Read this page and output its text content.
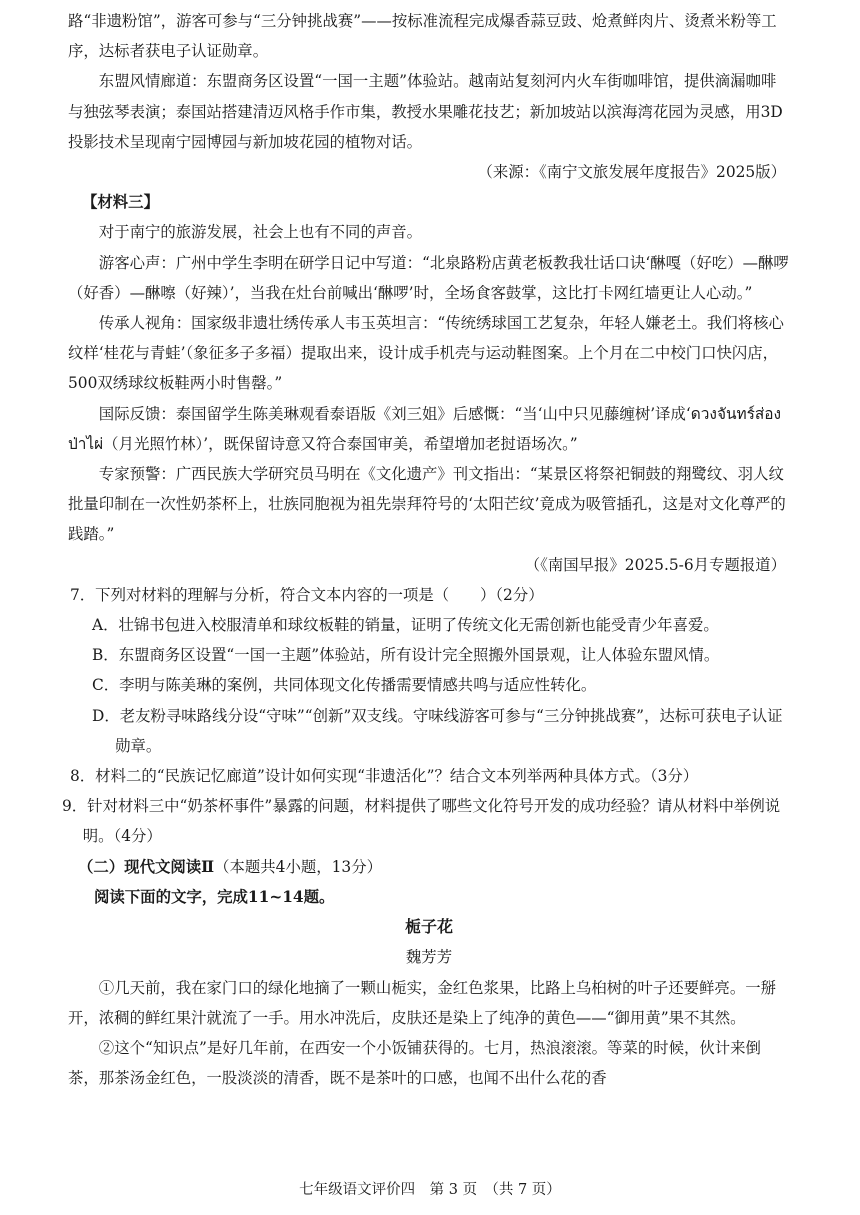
路“非遗粉馆”，游客可参与“三分钟挑战赛”——按标准流程完成爆香蒜豆豉、炝煮鲜肉片、烫煮米粉等工序，达标者获电子认证勋章。

东盟风情廊道：东盟商务区设置“一国一主题”体验站。越南站复刻河内火车街咖啡馆，提供滴漏咖啡与独弦琴表演；泰国站搭建清迈风格手作市集，教授水果雕花技艺；新加坡站以滨海湾花园为灵感，用3D投影技术呈现南宁园博园与新加坡花园的植物对话。

（来源：《南宁文旅发展年度报告》2025版）

【材料三】

对于南宁的旅游发展，社会上也有不同的声音。

游客心声：广州中学生李明在研学日记中写道：“北泉路粉店黄老板教我壮话口诀‘醂嘎（好吃）—醂啰（好香）—醂嚓（好辣）’，当我在灶台前喊出‘醂啰’时，全场食客鼓掌，这比打卡网红墙更让人心动。”

传承人视角：国家级非遗壮绣传承人韦玉英坦言：“传统绣球国工艺复杂，年轻人嫌老土。我们将核心纹样‘桂花与青蛙’（象征多子多福）提取出来，设计成手机壳与运动鞋图案。上个月在二中校门口快闪店，500双绣球纹板鞋两小时售罄。”

国际反馈：泰国留学生陈美琳观看泰语版《刘三姐》后感慨：“当‘山中只见藤缠树’译成‘ดวงจันทร์ส่องป่าไผ่（月光照竹林）’，既保留诗意又符合泰国审美，希望增加老挝语场次。”

专家预警：广西民族大学研究员马明在《文化遗产》刊文指出：“某景区将祭祀铜鼓的翔鹭纹、羽人纹批量印制在一次性奶茶杯上，壮族同胞视为祖先崇拜符号的‘太阳芒纹’竟成为吸管插孔，这是对文化尊严的践踏。”

（《南国早报》2025.5-6月专题报道）

7．下列对材料的理解与分析，符合文本内容的一项是（　　）（2分）

A．壮锦书包进入校服清单和球纹板鞋的销量，证明了传统文化无需创新也能受青少年喜爱。

B．东盟商务区设置“一国一主题”体验站，所有设计完全照搬外国景观，让人体验东盟风情。

C．李明与陈美琳的案例，共同体现文化传播需要情感共鸣与适应性转化。

D．老友粉寻味路线分设“守味”“创新”双支线。守味线游客可参与“三分钟挑战赛”，达标可获电子认证勋章。

8．材料二的“民族记忆廊道”设计如何实现“非遗活化”？结合文本列举两种具体方式。（3分）

9．针对材料三中“奶茶杯事件”暴露的问题，材料提供了哪些文化符号开发的成功经验？请从材料中举例说明。（4分）

（二）现代文阅读Ⅱ（本题共4小题，13分）

阅读下面的文字，完成11~14题。

栀子花

魏芳芳

①几天前，我在家门口的绿化地摘了一颗山栀实，金红色浆果，比路上乌桕树的叶子还要鲜亮。一掰开，浓稠的鲜红果汁就流了一手。用水冲洗后，皮肤还是染上了纯净的黄色——“御用黄”果不其然。

②这个“知识点”是好几年前，在西安一个小饭铺获得的。七月，热浪滚滚。等菜的时候，伙计来倒茶，那茶汤金红色，一股淡淡的清香，既不是茶叶的口感，也闻不出什么花的香

七年级语文评价四　第 3 页　（共 7 页）
